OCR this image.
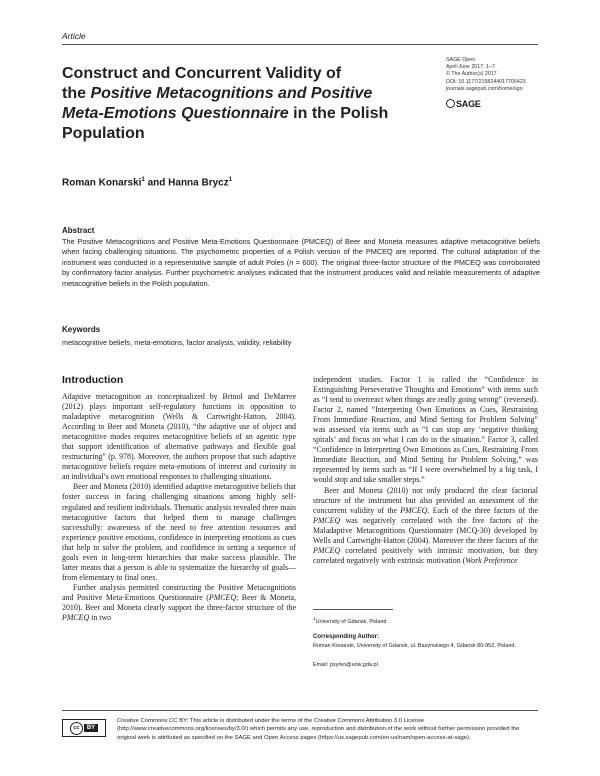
Article
Construct and Concurrent Validity of
the Positive Metacognitions and Positive
Meta-Emotions Questionnaire in the Polish
Population
SAGE Open
April-June 2017: 1–7
© The Author(s) 2017
DOI: 10.1177/2158244017705423
journals.sagepub.com/home/sgo
SAGE
Roman Konarski$^1$ and Hanna Brycz$^1$
Abstract
The Positive Metacognitions and Positive Meta-Emotions Questionnaire (PMCEQ) of Beer and Moneta measures adaptive metacognitive beliefs when facing challenging situations. The psychometric properties of a Polish version of the PMCEQ are reported. The cultural adaptation of the instrument was conducted in a representative sample of adult Poles (n = 600). The original three-factor structure of the PMCEQ was corroborated by confirmatory factor analysis. Further psychometric analyses indicated that the instrument produces valid and reliable measurements of adaptive metacognitive beliefs in the Polish population.
Keywords
metacognitive beliefs, meta-emotions, factor analysis, validity, reliability
Introduction

Adaptive metacognition as conceptualized by Brinol and DeMarree (2012) plays important self-regulatory functions in opposition to maladaptive metacognition (Wells & Cartwright-Hatton, 2004). According to Beer and Moneta (2010), “the adaptive use of object and metacognitive modes requires metacognitive beliefs of an agentic type that support identification of alternative pathways and flexible goal restructuring” (p. 978). Moreover, the authors propose that such adaptive metacognitive beliefs require meta-emotions of interest and curiosity in an individual’s own emotional responses to challenging situations.

Beer and Moneta (2010) identified adaptive metacognitive beliefs that foster success in facing challenging situations among highly self-regulated and resilient individuals. Thematic analysis revealed three main metacognitive factors that helped them to manage challenges successfully: awareness of the need to free attention resources and experience positive emotions, confidence in interpreting emotions as cues that help to solve the problem, and confidence in setting a sequence of goals even in long-term hierarchies that make success plausible. The latter means that a person is able to systematize the hierarchy of goals—from elementary to final ones.

Further analysis permitted constructing the Positive Metacognitions and Positive Meta-Emotions Questionnaire (PMCEQ; Beer & Moneta, 2010). Beer and Moneta clearly support the three-factor structure of the PMCEQ in two

independent studies. Factor 1 is called the “Confidence in Extinguishing Perseverative Thoughts and Emotions” with items such as “I tend to overreact when things are really going wrong” (reversed). Factor 2, named “Interpreting Own Emotions as Cues, Restraining From Immediate Reaction, and Mind Setting for Problem Solving” was assessed via items such as “I can stop any ‘negative thinking spirals’ and focus on what I can do in the situation.” Factor 3, called “Confidence in Interpreting Own Emotions as Cues, Restraining From Immediate Reaction, and Mind Setting for Problem Solving,” was represented by items such as “If I were overwhelmed by a big task, I would stop and take smaller steps.”

Beer and Moneta (2010) not only produced the clear factorial structure of the instrument but also provided an assessment of the concurrent validity of the PMCEQ. Each of the three factors of the PMCEQ was negatively correlated with the five factors of the Maladaptive Metacognitions Questionnaire (MCQ-30) developed by Wells and Cartwright-Hatton (2004). Moreover the three factors of the PMCEQ correlated positively with intrinsic motivation, but they correlated negatively with extrinsic motivation (Work Preference

$^1$University of Gdansk, Poland
Corresponding Author:
Roman Konarski, University of Gdansk, ul. Bazynskiego 4, Gdansk 80-952, Poland.
Email: psyrko@univ.gda.pl
cc	BY
Creative Commons CC BY: This article is distributed under the terms of the Creative Commons Attribution 3.0 License (http://www.creativecommons.org/licenses/by/3.0/) which permits any use, reproduction and distribution of the work without further permission provided the original work is attributed as specified on the SAGE and Open Access pages (https://us.sagepub.com/en-us/nam/open-access-at-sage).
